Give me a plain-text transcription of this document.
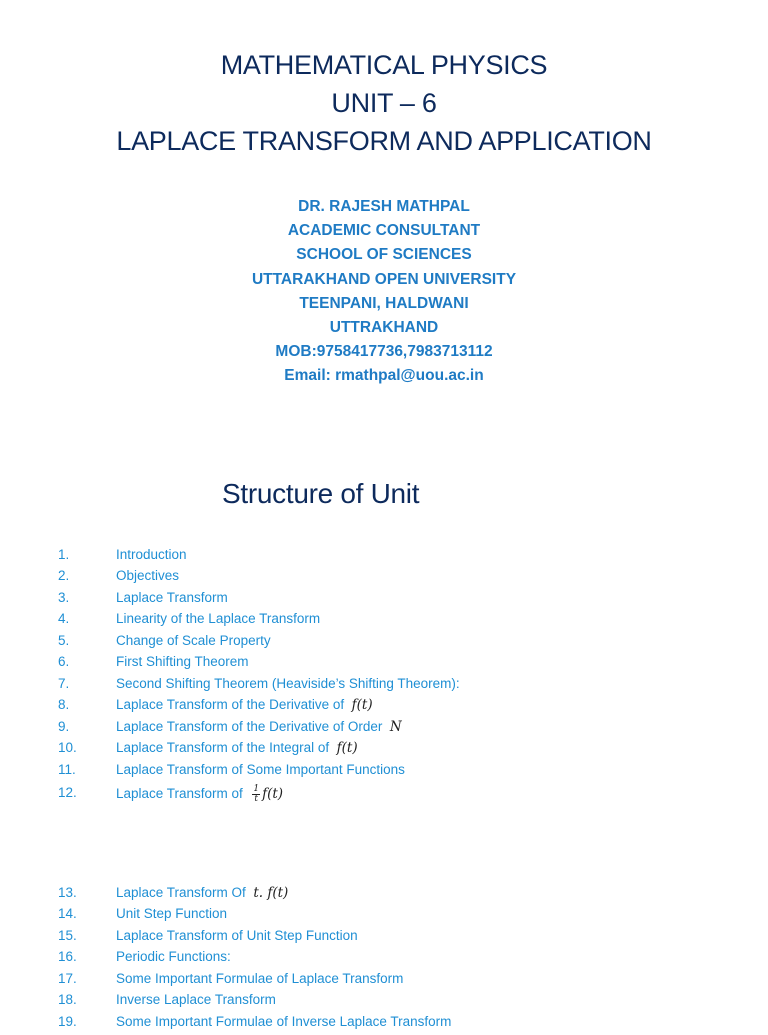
MATHEMATICAL PHYSICS
UNIT – 6
LAPLACE TRANSFORM AND APPLICATION
DR. RAJESH MATHPAL
ACADEMIC CONSULTANT
SCHOOL OF SCIENCES
UTTARAKHAND OPEN UNIVERSITY
TEENPANI, HALDWANI
UTTRAKHAND
MOB:9758417736,7983713112
Email: rmathpal@uou.ac.in
Structure of Unit
1.	Introduction
2.	Objectives
3.	Laplace Transform
4.	Linearity of the Laplace Transform
5.	Change of Scale Property
6.	First Shifting Theorem
7.	Second Shifting Theorem (Heaviside’s Shifting Theorem):
8.	Laplace Transform of the Derivative of f(t)
9.	Laplace Transform of the Derivative of Order N
10.	Laplace Transform of the Integral of f(t)
11.	Laplace Transform of Some Important Functions
12.	Laplace Transform of $\frac{1}{t} f(t)$
13.	Laplace Transform Of t. f(t)
14.	Unit Step Function
15.	Laplace Transform of Unit Step Function
16.	Periodic Functions:
17.	Some Important Formulae of Laplace Transform
18.	Inverse Laplace Transform
19.	Some Important Formulae of Inverse Laplace Transform
